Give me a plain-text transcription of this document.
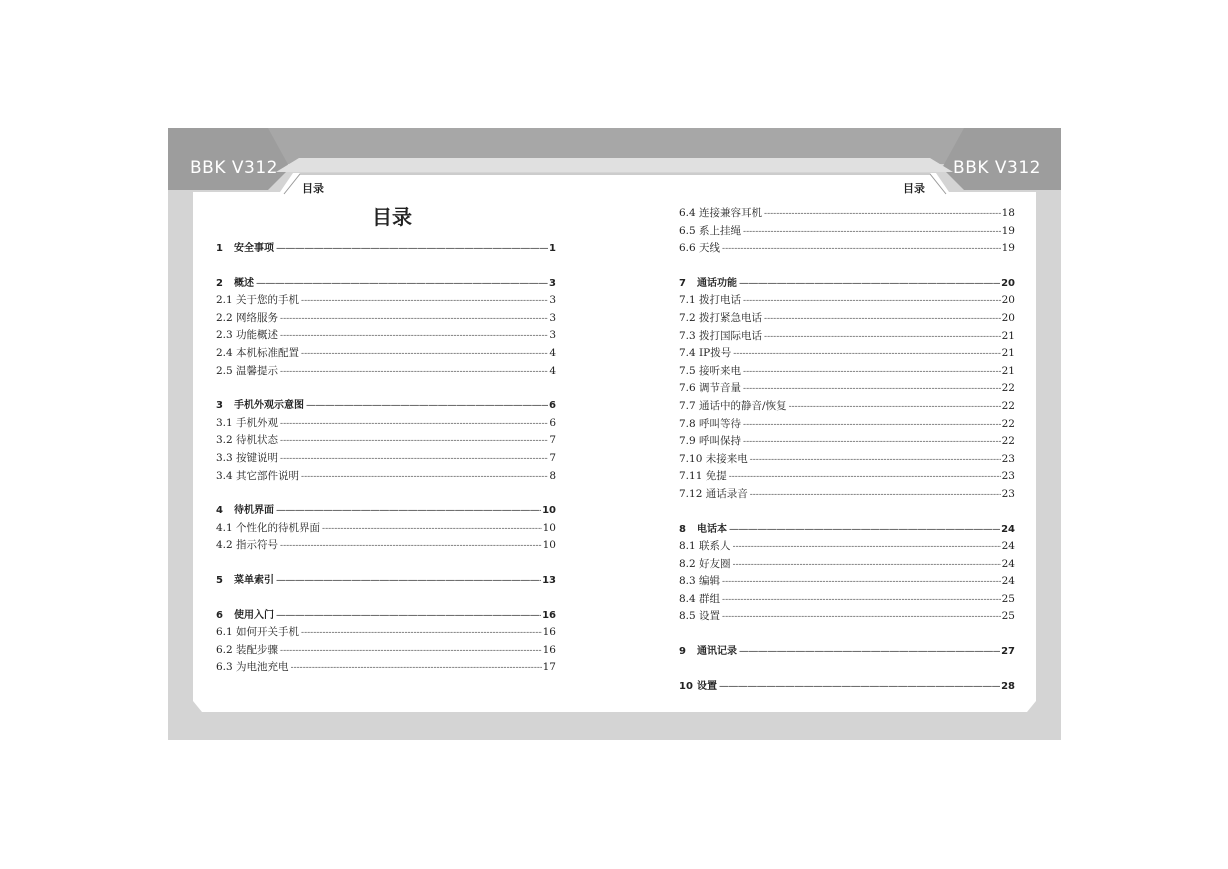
BBK V312	BBK V312
目录	目录
目录
1 安全事项 —————	1
2 概述 —————	3
2.1 关于您的手机 -----	3
2.2 网络服务 -----	3
2.3 功能概述 -----	3
2.4 本机标准配置 -----	4
2.5 温馨提示 -----	4
3 手机外观示意图 —————	6
3.1 手机外观 -----	6
3.2 待机状态 -----	7
3.3 按键说明 -----	7
3.4 其它部件说明 -----	8
4 待机界面 —————	10
4.1 个性化的待机界面 -----	10
4.2 指示符号 -----	10
5 菜单索引 —————	13
6 使用入门 —————	16
6.1 如何开关手机 -----	16
6.2 装配步骤 -----	16
6.3 为电池充电 -----	17
6.4 连接兼容耳机 -----	18
6.5 系上挂绳 -----	19
6.6 天线 -----	19
7 通话功能 —————	20
7.1 拨打电话 -----	20
7.2 拨打紧急电话 -----	20
7.3 拨打国际电话 -----	21
7.4 IP拨号 -----	21
7.5 接听来电 -----	21
7.6 调节音量 -----	22
7.7 通话中的静音/恢复 -----	22
7.8 呼叫等待 -----	22
7.9 呼叫保持 -----	22
7.10 未接来电 -----	23
7.11 免提 -----	23
7.12 通话录音 -----	23
8 电话本 —————	24
8.1 联系人 -----	24
8.2 好友圈 -----	24
8.3 编辑 -----	24
8.4 群组 -----	25
8.5 设置 -----	25
9 通讯记录 —————	27
10 设置 —————	28
